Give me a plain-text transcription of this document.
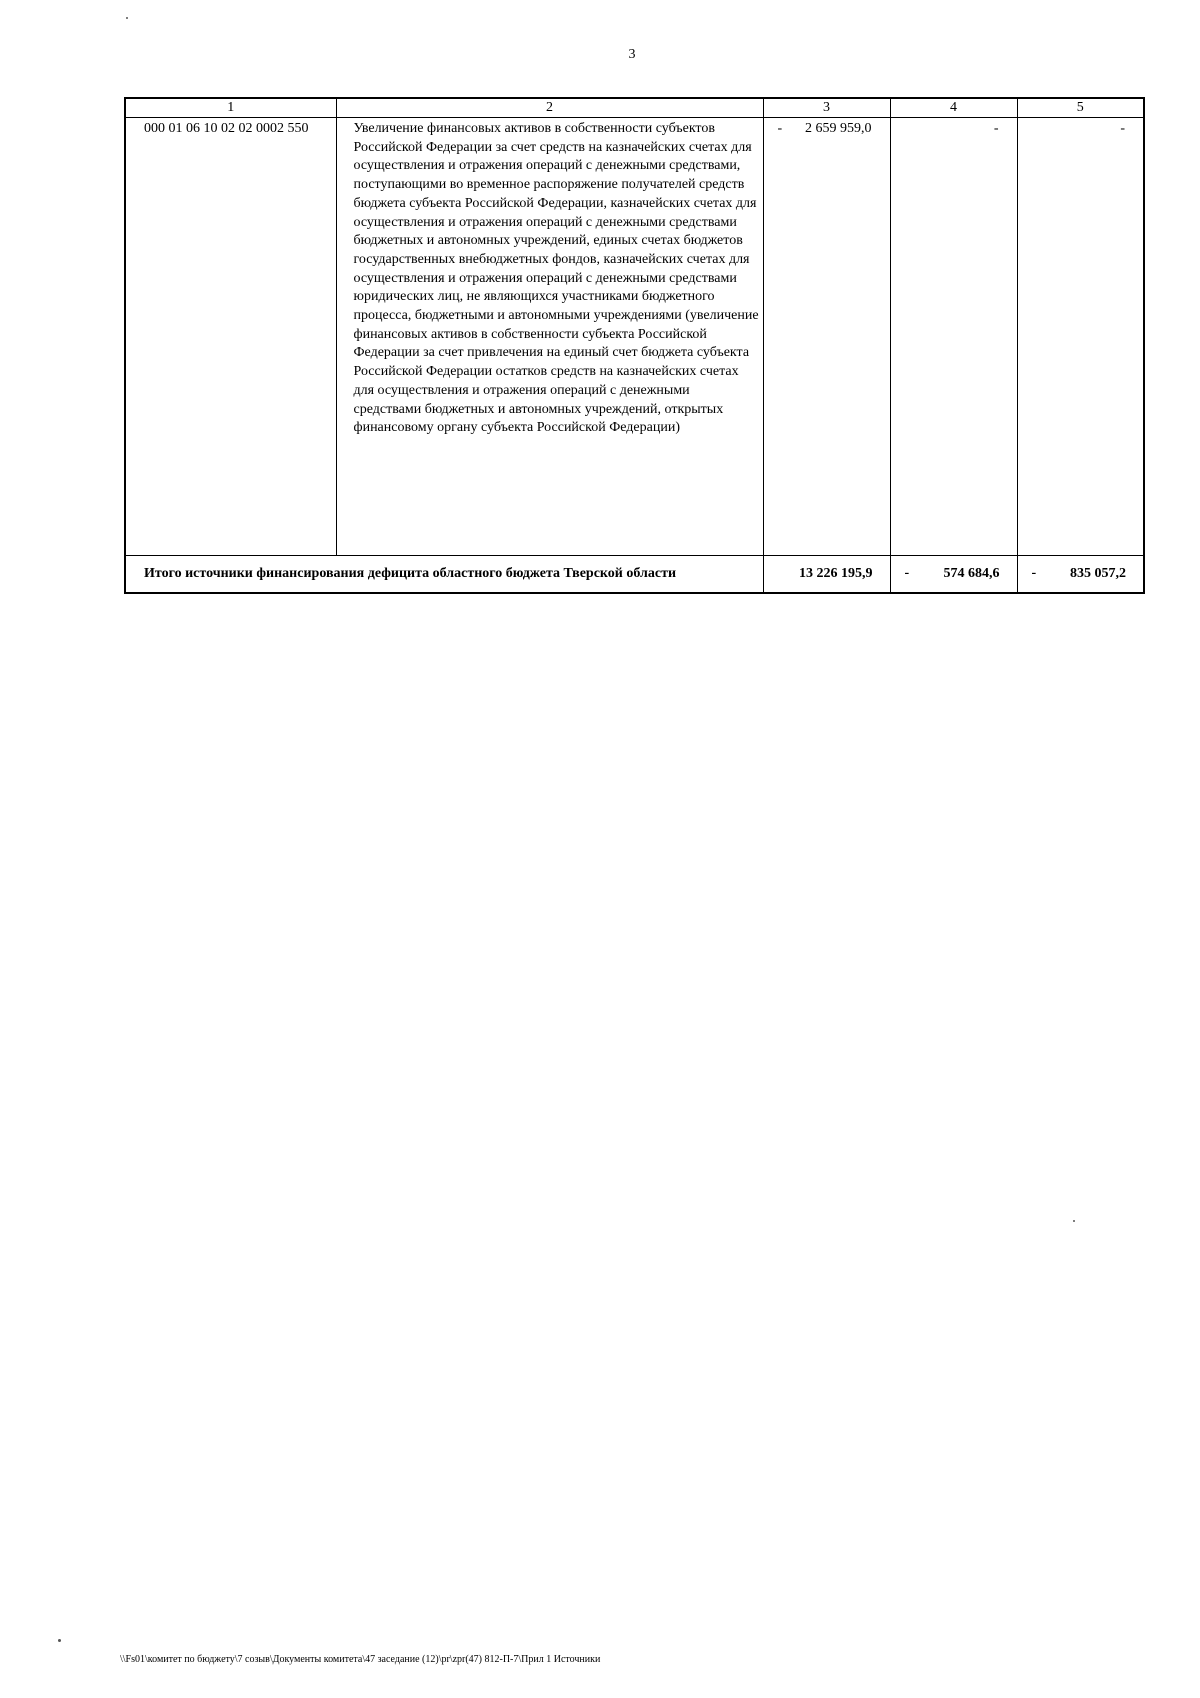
3
1	2	3	4	5
000 01 06 10 02 02 0002 550	Увеличение финансовых активов в собственности субъектов Российской Федерации за счет средств на казначейских счетах для осуществления и отражения операций с денежными средствами, поступающими во временное распоряжение получателей средств бюджета субъекта Российской Федерации, казначейских счетах для осуществления и отражения операций с денежными средствами бюджетных и автономных учреждений, единых счетах бюджетов государственных внебюджетных фондов, казначейских счетах для осуществления и отражения операций с денежными средствами юридических лиц, не являющихся участниками бюджетного процесса, бюджетными и автономными учреждениями (увеличение финансовых активов в собственности субъекта Российской Федерации за счет привлечения на единый счет бюджета субъекта Российской Федерации остатков средств на казначейских счетах для осуществления и отражения операций с денежными средствами бюджетных и автономных учреждений, открытых финансовому органу субъекта Российской Федерации)	- 2 659 959,0	-	-

Итого источники финансирования дефицита областного бюджета Тверской области		13 226 195,9	- 574 684,6	- 835 057,2
\\Fs01\комитет по бюджету\7 созыв\Документы комитета\47 заседание (12)\pr\zpr(47) 812-П-7\Прил 1 Источники
